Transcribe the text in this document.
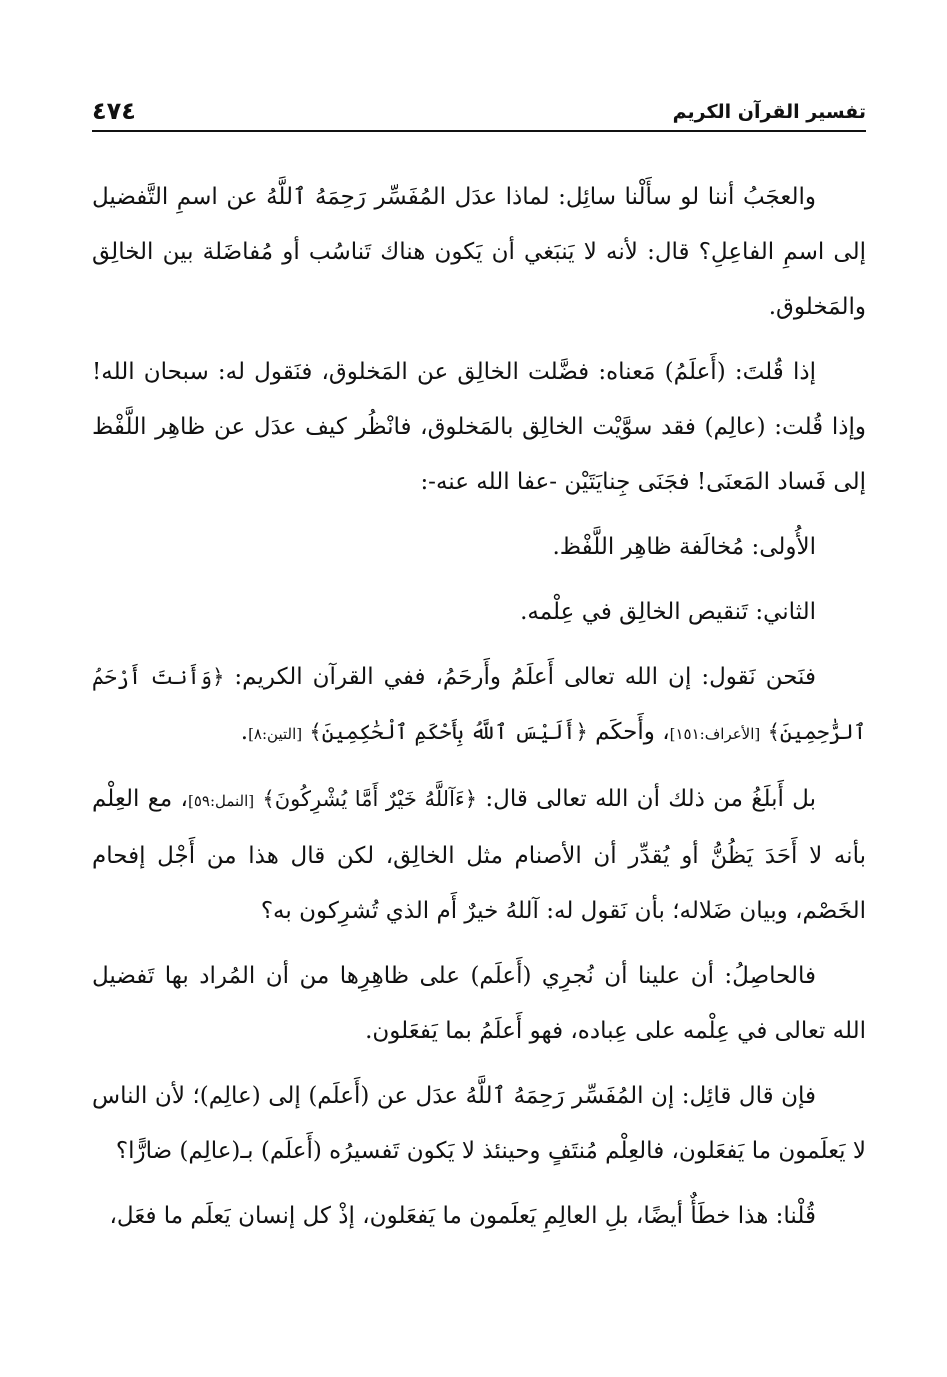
٤٧٤	تفسير القرآن الكريم

والعجَبُ أننا لو سأَلْنا سائِل: لماذا عدَل المُفَسِّر رَحِمَهُ ٱللَّهُ عن اسمِ التَّفضيل إلى اسمِ الفاعِلِ؟ قال: لأنه لا يَنبَغي أن يَكون هناك تَناسُب أو مُفاضَلة بين الخالِق والمَخلوق.

إذا قُلتَ: (أَعلَمُ) مَعناه: فضَّلت الخالِق عن المَخلوق، فنَقول له: سبحان الله! وإذا قُلت: (عالِم) فقد سوَّيْت الخالِق بالمَخلوق، فانْظُر كيف عدَل عن ظاهِر اللَّفْظ إلى فَساد المَعنَى! فجَنَى جِنايَتَيْن -عفا الله عنه-:

الأُولى: مُخالَفة ظاهِر اللَّفْظ.

الثاني: تَنقيص الخالِق في عِلْمه.

فنَحن نَقول: إن الله تعالى أَعلَمُ وأَرحَمُ، ففي القرآن الكريم: ﴿وَأَنتَ أَرْحَمُ ٱلرَّٰحِمِينَ﴾ [الأعراف:١٥١]، وأَحكَم ﴿أَلَيْسَ ٱللَّهُ بِأَحْكَمِ ٱلْحَٰكِمِينَ﴾ [التين:٨].

بل أَبلَغُ من ذلك أن الله تعالى قال: ﴿ءَآللَّهُ خَيْرٌ أَمَّا يُشْرِكُونَ﴾ [النمل:٥٩]، مع العِلْم بأنه لا أَحَدَ يَظُنُّ أو يُقدِّر أن الأصنام مثل الخالِق، لكن قال هذا من أَجْل إفحام الخَصْم، وبيان ضَلاله؛ بأن نَقول له: آللهُ خيرٌ أَم الذي تُشرِكون به؟

فالحاصِلُ: أن علينا أن نُجرِي (أَعلَم) على ظاهِرِها من أن المُراد بها تَفضيل الله تعالى في عِلْمه على عِباده، فهو أَعلَمُ بما يَفعَلون.

فإن قال قائِل: إن المُفَسِّر رَحِمَهُ ٱللَّهُ عدَل عن (أَعلَم) إلى (عالِم)؛ لأن الناس لا يَعلَمون ما يَفعَلون، فالعِلْم مُنتَفٍ وحينئذ لا يَكون تَفسيرُه (أَعلَم) بـ(عالِم) ضارًّا؟

قُلْنا: هذا خطَأٌ أيضًا، بلِ العالِمِ يَعلَمون ما يَفعَلون، إذْ كل إنسان يَعلَم ما فعَل،
